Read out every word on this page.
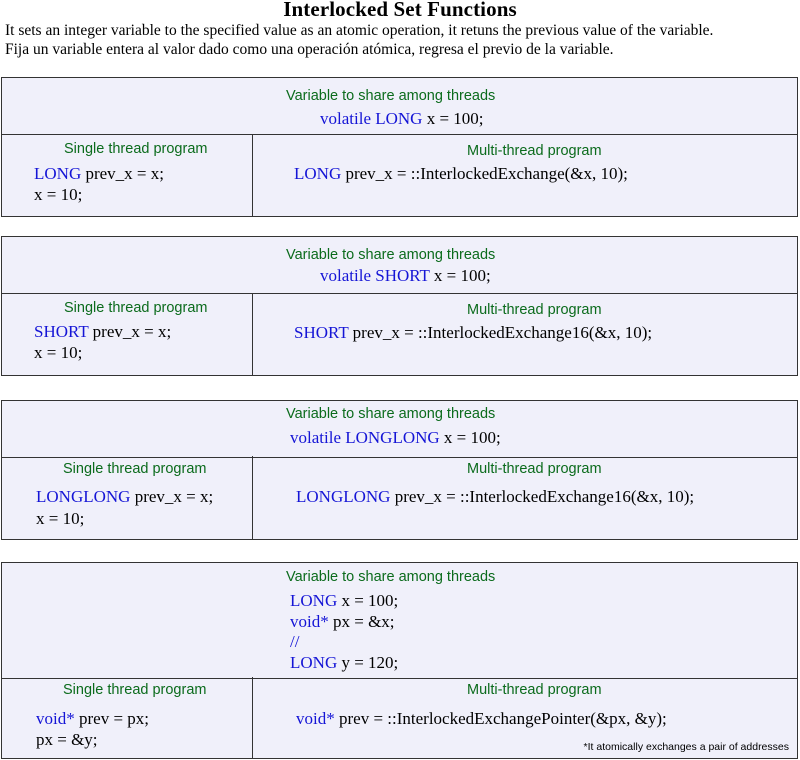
Interlocked Set Functions
It sets an integer variable to the specified value as an atomic operation, it retuns the previous value of the variable.
Fija un variable entera al valor dado como una operación atómica, regresa el previo de la variable.
Variable to share among threads
volatile LONG x = 100;
Single thread program
LONG prev_x = x;
x = 10;
Multi-thread program
LONG prev_x = ::InterlockedExchange(&x, 10);
Variable to share among threads
volatile SHORT x = 100;
Single thread program
SHORT prev_x = x;
x = 10;
Multi-thread program
SHORT prev_x = ::InterlockedExchange16(&x, 10);
Variable to share among threads
volatile LONGLONG x = 100;
Single thread program
LONGLONG prev_x = x;
x = 10;
Multi-thread program
LONGLONG prev_x = ::InterlockedExchange16(&x, 10);
Variable to share among threads
LONG x = 100;
void* px = &x;
//
LONG y = 120;
Single thread program
void* prev = px;
px = &y;
Multi-thread program
void* prev = ::InterlockedExchangePointer(&px, &y);
*It atomically exchanges a pair of addresses
